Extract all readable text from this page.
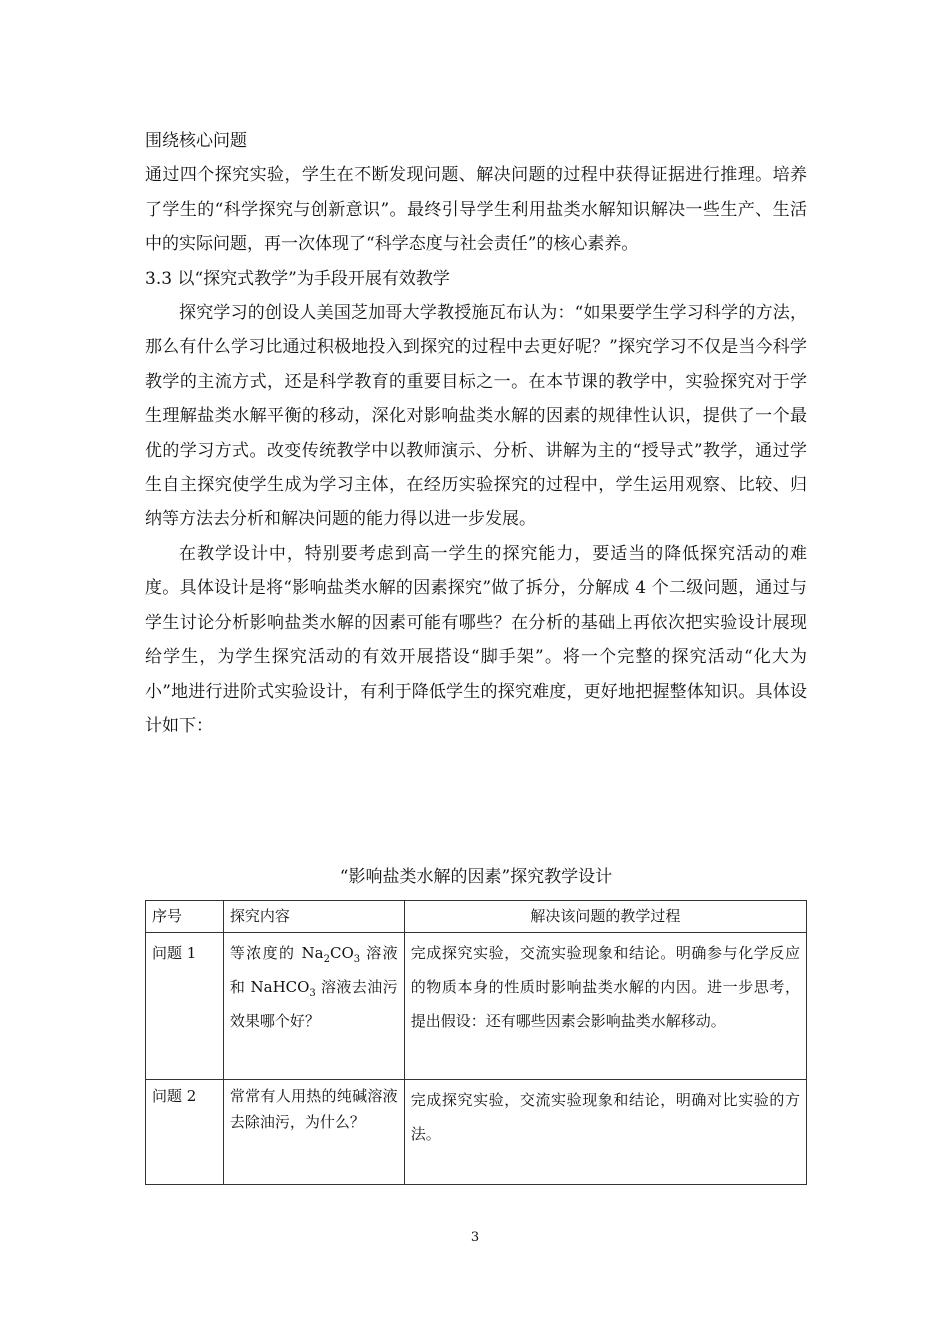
围绕核心问题

通过四个探究实验，学生在不断发现问题、解决问题的过程中获得证据进行推理。培养了学生的“科学探究与创新意识”。最终引导学生利用盐类水解知识解决一些生产、生活中的实际问题，再一次体现了“科学态度与社会责任”的核心素养。

3.3 以“探究式教学”为手段开展有效教学

探究学习的创设人美国芝加哥大学教授施瓦布认为：“如果要学生学习科学的方法，那么有什么学习比通过积极地投入到探究的过程中去更好呢？”探究学习不仅是当今科学教学的主流方式，还是科学教育的重要目标之一。在本节课的教学中，实验探究对于学生理解盐类水解平衡的移动，深化对影响盐类水解的因素的规律性认识，提供了一个最优的学习方式。改变传统教学中以教师演示、分析、讲解为主的“授导式”教学，通过学生自主探究使学生成为学习主体，在经历实验探究的过程中，学生运用观察、比较、归纳等方法去分析和解决问题的能力得以进一步发展。

在教学设计中，特别要考虑到高一学生的探究能力，要适当的降低探究活动的难度。具体设计是将“影响盐类水解的因素探究”做了拆分，分解成 4 个二级问题，通过与学生讨论分析影响盐类水解的因素可能有哪些？在分析的基础上再依次把实验设计展现给学生，为学生探究活动的有效开展搭设“脚手架”。将一个完整的探究活动“化大为小”地进行进阶式实验设计，有利于降低学生的探究难度，更好地把握整体知识。具体设计如下：

“影响盐类水解的因素”探究教学设计
序号	探究内容	解决该问题的教学过程
问题 1	等浓度的 $Na_2CO_3$ 溶液和 NaHCO$_3$ 溶液去油污效果哪个好？	完成探究实验，交流实验现象和结论。明确参与化学反应的物质本身的性质时影响盐类水解的内因。进一步思考，提出假设：还有哪些因素会影响盐类水解移动。
问题 2	常常有人用热的纯碱溶液去除油污，为什么？	完成探究实验，交流实验现象和结论，明确对比实验的方法。
3
